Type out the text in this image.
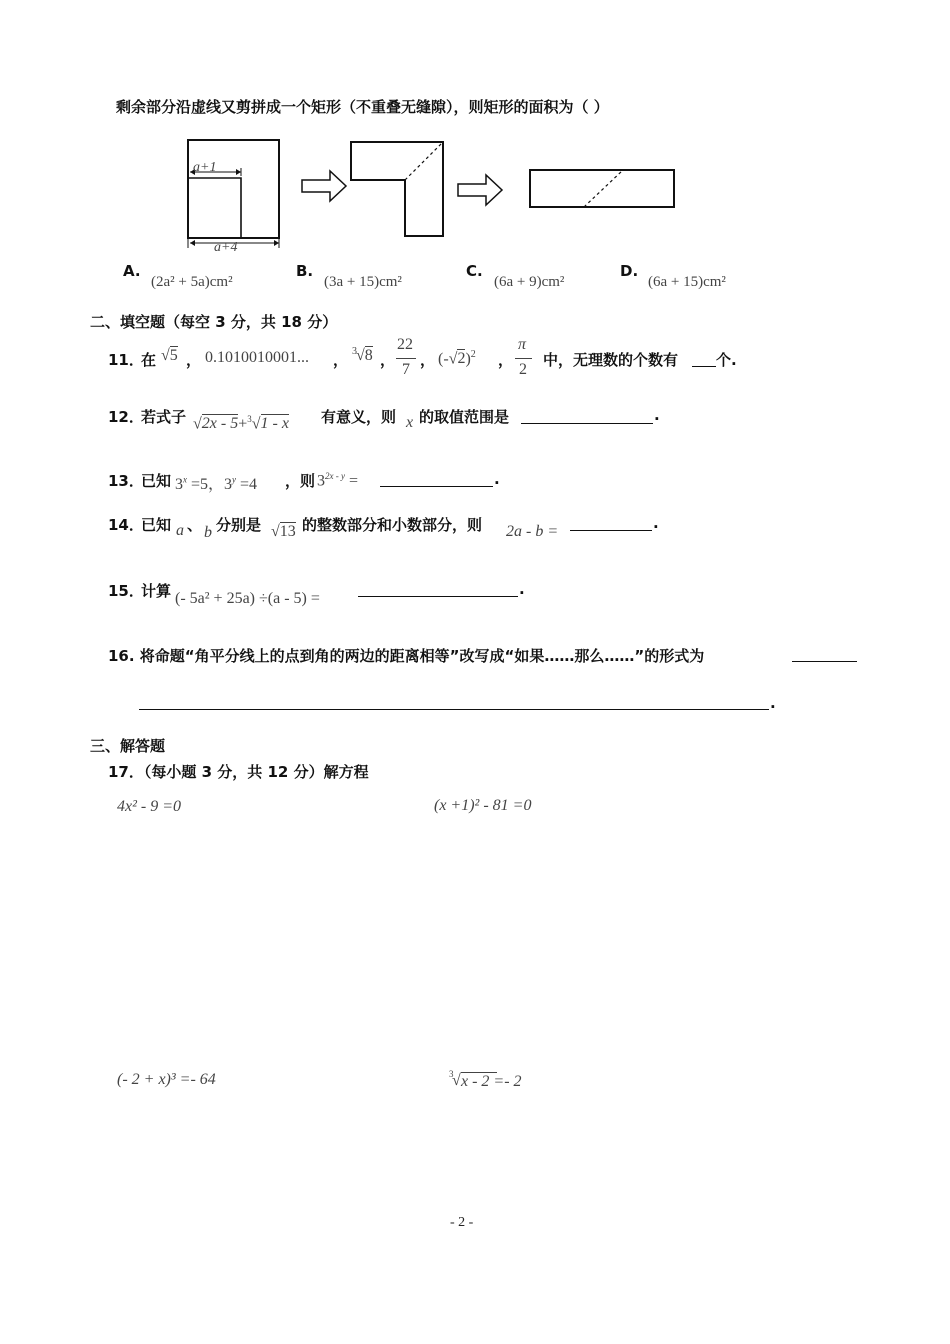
剩余部分沿虚线又剪拼成一个矩形（不重叠无缝隙），则矩形的面积为（ ）
a+1
a+4
A.
(2a² + 5a)cm²
B.
(3a + 15)cm²
C.
(6a + 9)cm²
D.
(6a + 15)cm²
二、填空题（每空 3 分，共 18 分）
11．
在 √5 ， 0.1010010001... ， 3 √8 ，
22
7
， $(-√2)^2$ ，
π
2
中，无理数的个数有	个.
12．
若式子 √2x - 5+$^3$√1 - x 有意义，则 x 的取值范围是	.
13．
已知 $3^x =5$，$3^y =4$ ，则 $3^{2x - y}$ =	.
14．
已知 a 、 b 分别是 √13 的整数部分和小数部分，则 2a - b =	.
15．
计算 (- 5a² + 25a) ÷(a - 5) =
.
16. 将命题“角平分线上的点到角的两边的距离相等”改写成“如果……那么……”的形式为
.
三、解答题
17．（每小题 3 分，共 12 分）解方程
4x² - 9 =0	(x +1)² - 81 =0
(- 2 + x)³ =- 64	3
√ x - 2 =- 2
- 2 -
